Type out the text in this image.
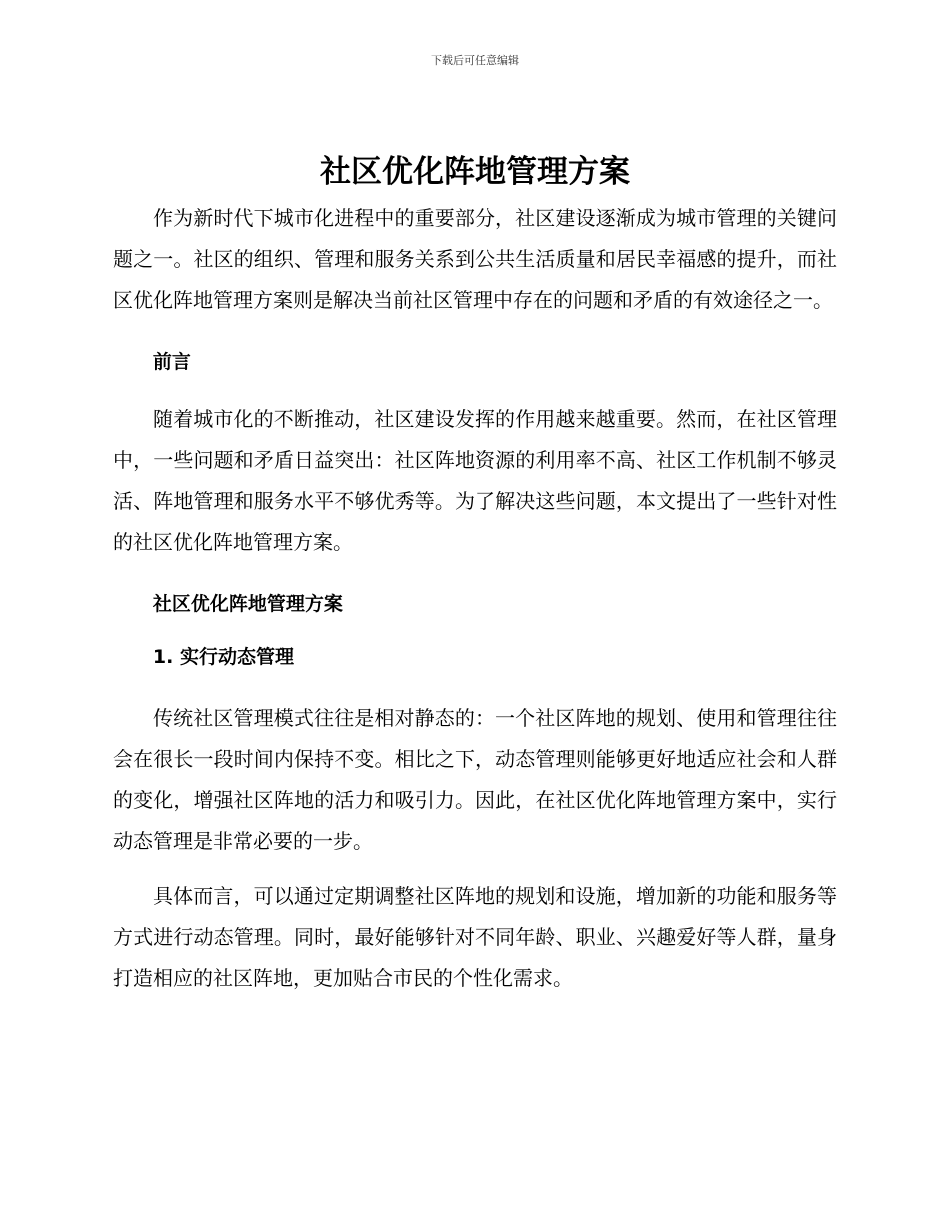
下载后可任意编辑
社区优化阵地管理方案

作为新时代下城市化进程中的重要部分，社区建设逐渐成为城市管理的关键问题之一。社区的组织、管理和服务关系到公共生活质量和居民幸福感的提升，而社区优化阵地管理方案则是解决当前社区管理中存在的问题和矛盾的有效途径之一。

前言

随着城市化的不断推动，社区建设发挥的作用越来越重要。然而，在社区管理中，一些问题和矛盾日益突出：社区阵地资源的利用率不高、社区工作机制不够灵活、阵地管理和服务水平不够优秀等。为了解决这些问题，本文提出了一些针对性的社区优化阵地管理方案。

社区优化阵地管理方案
1. 实行动态管理

传统社区管理模式往往是相对静态的：一个社区阵地的规划、使用和管理往往会在很长一段时间内保持不变。相比之下，动态管理则能够更好地适应社会和人群的变化，增强社区阵地的活力和吸引力。因此，在社区优化阵地管理方案中，实行动态管理是非常必要的一步。

具体而言，可以通过定期调整社区阵地的规划和设施，增加新的功能和服务等方式进行动态管理。同时，最好能够针对不同年龄、职业、兴趣爱好等人群，量身打造相应的社区阵地，更加贴合市民的个性化需求。
